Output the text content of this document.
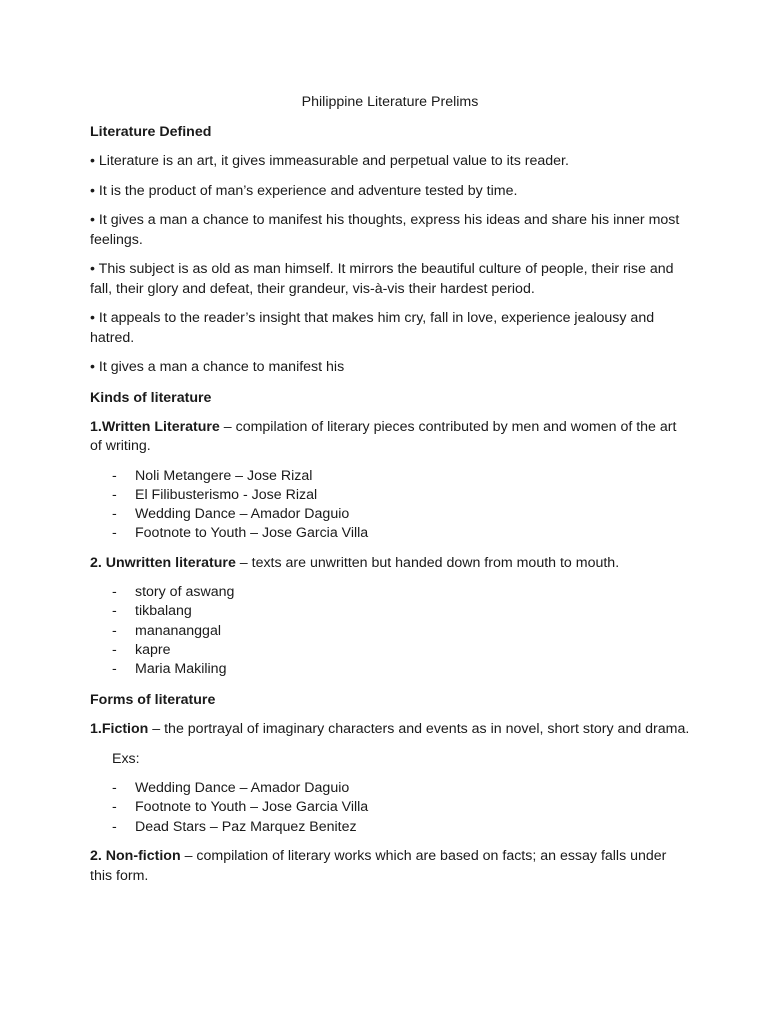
Philippine Literature Prelims
Literature Defined
• Literature is an art, it gives immeasurable and perpetual value to its reader.
• It is the product of man’s experience and adventure tested by time.
• It gives a man a chance to manifest his thoughts, express his ideas and share his inner most feelings.
• This subject is as old as man himself. It mirrors the beautiful culture of people, their rise and fall, their glory and defeat, their grandeur, vis-à-vis their hardest period.
• It appeals to the reader’s insight that makes him cry, fall in love, experience jealousy and hatred.
• It gives a man a chance to manifest his
Kinds of literature
1.Written Literature – compilation of literary pieces contributed by men and women of the art of writing.
- Noli Metangere – Jose Rizal
- El Filibusterismo - Jose Rizal
- Wedding Dance – Amador Daguio
- Footnote to Youth – Jose Garcia Villa
2. Unwritten literature – texts are unwritten but handed down from mouth to mouth.
- story of aswang
- tikbalang
- manananggal
- kapre
- Maria Makiling
Forms of literature
1.Fiction – the portrayal of imaginary characters and events as in novel, short story and drama.
Exs:
- Wedding Dance – Amador Daguio
- Footnote to Youth – Jose Garcia Villa
- Dead Stars – Paz Marquez Benitez
2. Non-fiction – compilation of literary works which are based on facts; an essay falls under this form.
